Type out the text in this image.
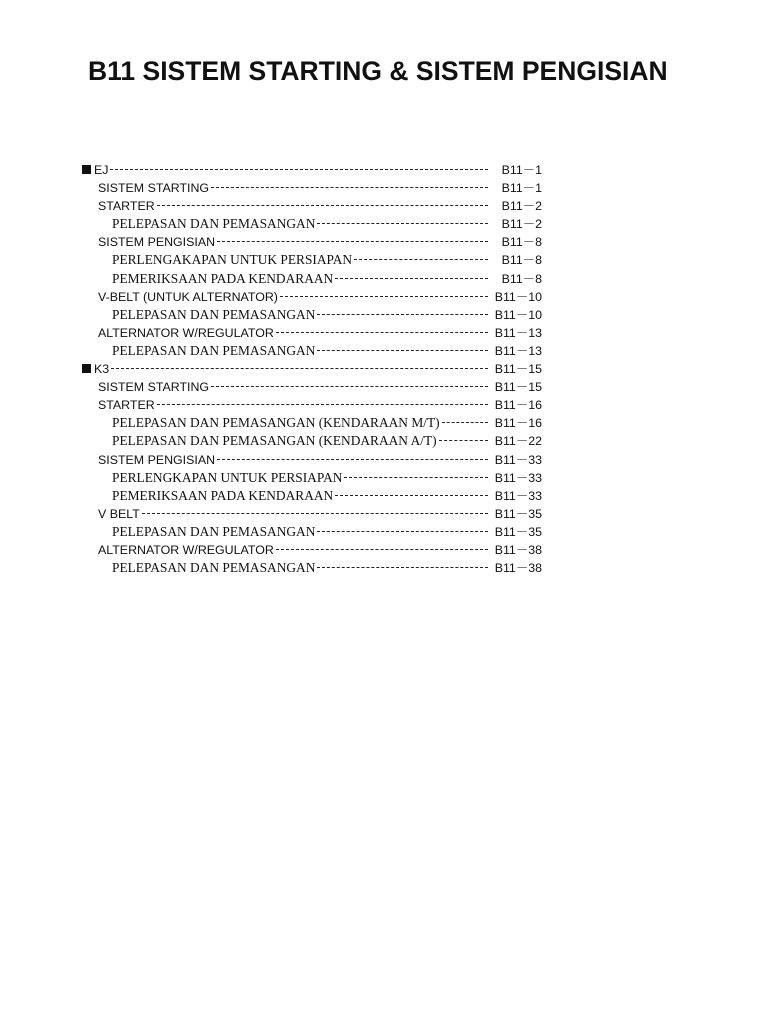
B11 SISTEM STARTING & SISTEM PENGISIAN
EJ	B11－1
SISTEM STARTING	B11－1
STARTER	B11－2
PELEPASAN DAN PEMASANGAN	B11－2
SISTEM PENGISIAN	B11－8
PERLENGAKAPAN UNTUK PERSIAPAN	B11－8
PEMERIKSAAN PADA KENDARAAN	B11－8
V-BELT (UNTUK ALTERNATOR)	B11－10
PELEPASAN DAN PEMASANGAN	B11－10
ALTERNATOR W/REGULATOR	B11－13
PELEPASAN DAN PEMASANGAN	B11－13
K3	B11－15
SISTEM STARTING	B11－15
STARTER	B11－16
PELEPASAN DAN PEMASANGAN (KENDARAAN M/T)	B11－16
PELEPASAN DAN PEMASANGAN (KENDARAAN A/T)	B11－22
SISTEM PENGISIAN	B11－33
PERLENGKAPAN UNTUK PERSIAPAN	B11－33
PEMERIKSAAN PADA KENDARAAN	B11－33
V BELT	B11－35
PELEPASAN DAN PEMASANGAN	B11－35
ALTERNATOR W/REGULATOR	B11－38
PELEPASAN DAN PEMASANGAN	B11－38
